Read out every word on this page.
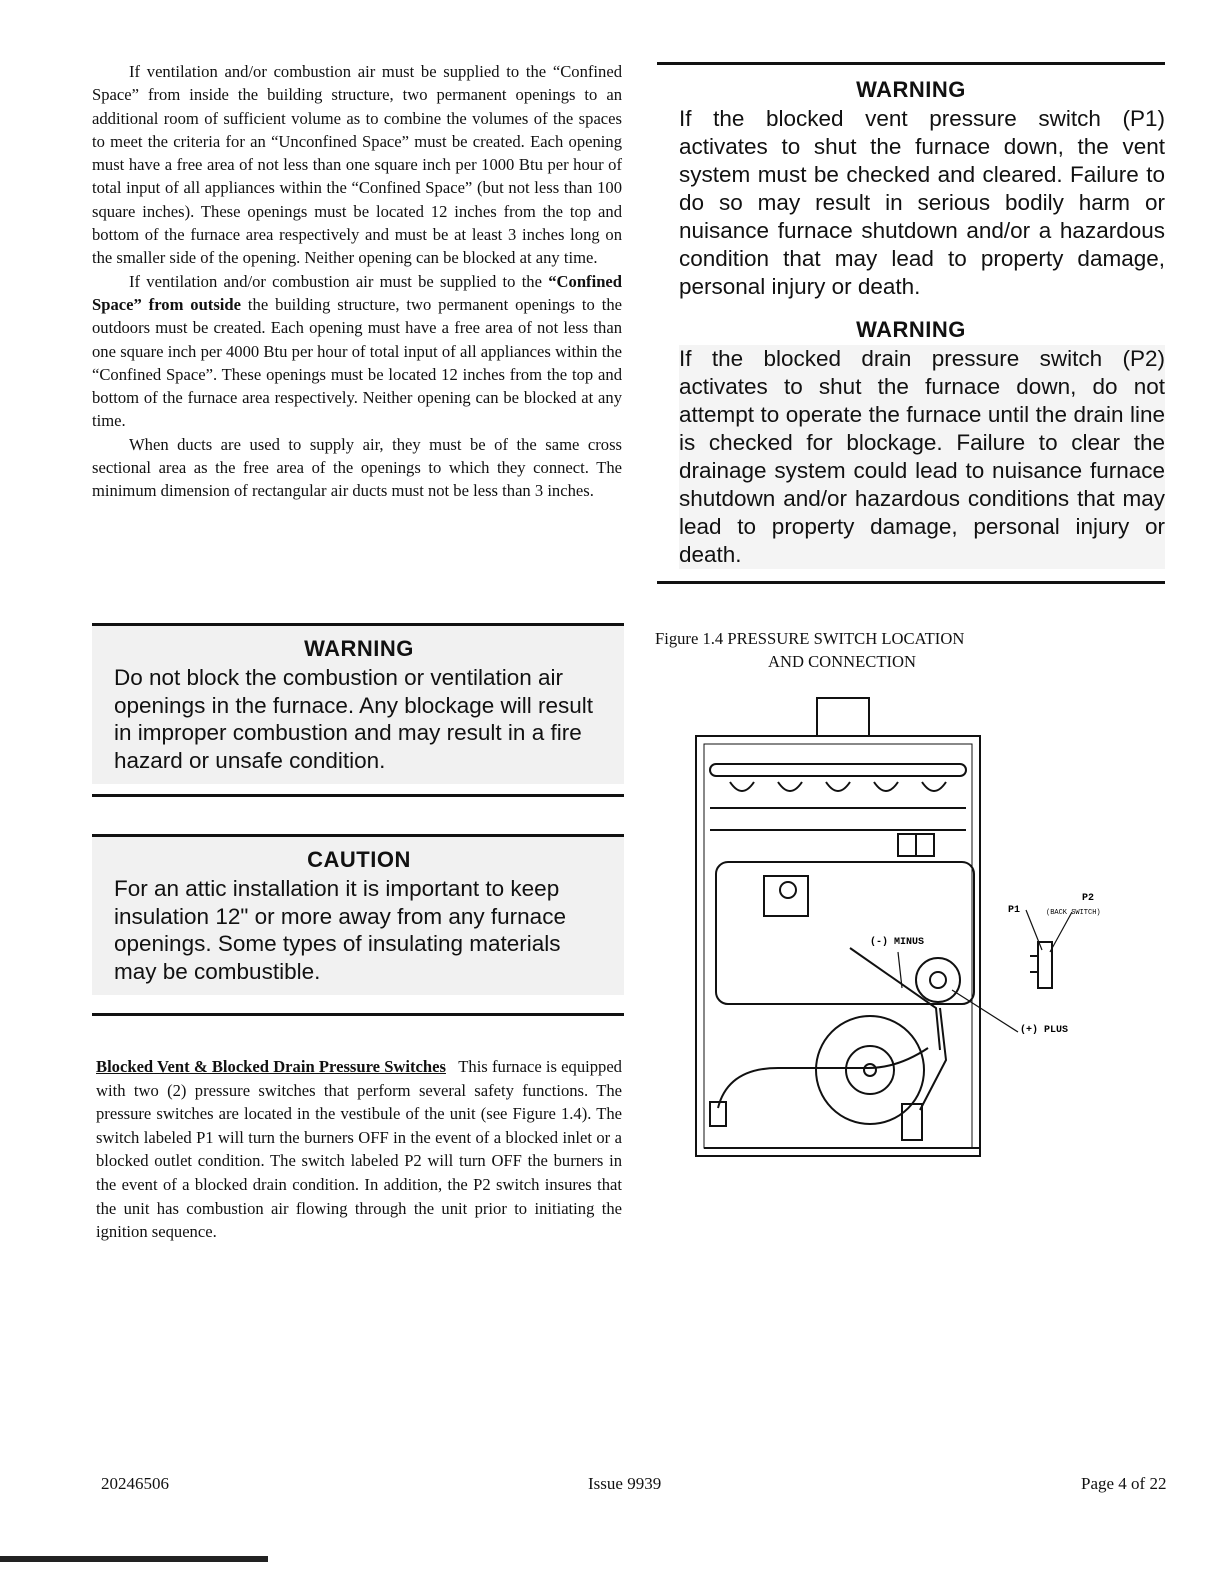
If ventilation and/or combustion air must be supplied to the “Confined Space” from inside the building structure, two permanent openings to an additional room of sufficient volume as to combine the volumes of the spaces to meet the criteria for an “Unconfined Space” must be created. Each opening must have a free area of not less than one square inch per 1000 Btu per hour of total input of all appliances within the “Confined Space” (but not less than 100 square inches). These openings must be located 12 inches from the top and bottom of the furnace area respectively and must be at least 3 inches long on the smaller side of the opening. Neither opening can be blocked at any time.

If ventilation and/or combustion air must be supplied to the “Confined Space” from outside the building structure, two permanent openings to the outdoors must be created. Each opening must have a free area of not less than one square inch per 4000 Btu per hour of total input of all appliances within the “Confined Space”. These openings must be located 12 inches from the top and bottom of the furnace area respectively. Neither opening can be blocked at any time.

When ducts are used to supply air, they must be of the same cross sectional area as the free area of the openings to which they connect. The minimum dimension of rectangular air ducts must not be less than 3 inches.

WARNING

Do not block the combustion or ventilation air openings in the furnace. Any blockage will result in improper combustion and may result in a fire hazard or unsafe condition.

CAUTION

For an attic installation it is important to keep insulation 12" or more away from any furnace openings. Some types of insulating materials may be combustible.

Blocked Vent & Blocked Drain Pressure Switches This furnace is equipped with two (2) pressure switches that perform several safety functions. The pressure switches are located in the vestibule of the unit (see Figure 1.4). The switch labeled P1 will turn the burners OFF in the event of a blocked inlet or a blocked outlet condition. The switch labeled P2 will turn OFF the burners in the event of a blocked drain condition. In addition, the P2 switch insures that the unit has combustion air flowing through the unit prior to initiating the ignition sequence.

WARNING

If the blocked vent pressure switch (P1) activates to shut the furnace down, the vent system must be checked and cleared. Failure to do so may result in serious bodily harm or nuisance furnace shutdown and/or a hazardous condition that may lead to property damage, personal injury or death.

WARNING

If the blocked drain pressure switch (P2) activates to shut the furnace down, do not attempt to operate the furnace until the drain line is checked for blockage. Failure to clear the drainage system could lead to nuisance furnace shutdown and/or hazardous conditions that may lead to property damage, personal injury or death.

Figure 1.4 PRESSURE SWITCH LOCATION
AND CONNECTION
P1
P2
(BACK SWITCH)
(-) MINUS
(+) PLUS
20246506	Issue 9939	Page 4 of 22
